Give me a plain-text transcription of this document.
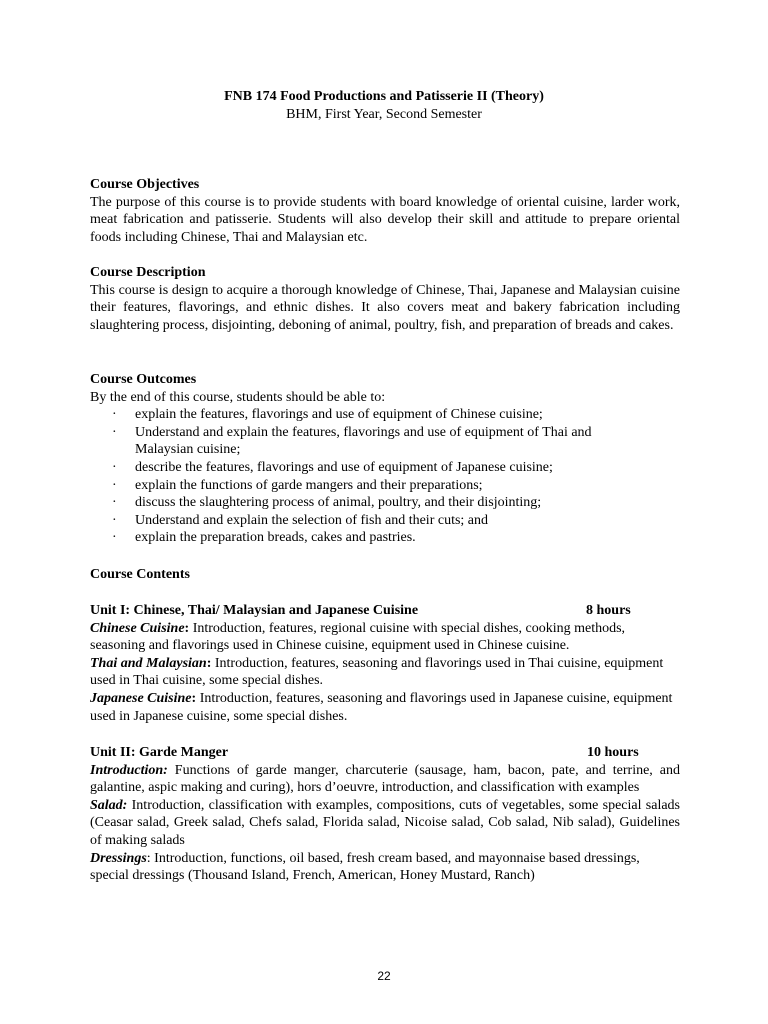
FNB 174 Food Productions and Patisserie II (Theory)
BHM, First Year, Second Semester
Course Objectives
The purpose of this course is to provide students with board knowledge of oriental cuisine, larder work, meat fabrication and patisserie. Students will also develop their skill and attitude to prepare oriental foods including Chinese, Thai and Malaysian etc.
Course Description
This course is design to acquire a thorough knowledge of Chinese, Thai, Japanese and Malaysian cuisine their features, flavorings, and ethnic dishes. It also covers meat and bakery fabrication including slaughtering process, disjointing, deboning of animal, poultry, fish, and preparation of breads and cakes.
Course Outcomes
By the end of this course, students should be able to:
· explain the features, flavorings and use of equipment of Chinese cuisine;
· Understand and explain the features, flavorings and use of equipment of Thai and Malaysian cuisine;
· describe the features, flavorings and use of equipment of Japanese cuisine;
· explain the functions of garde mangers and their preparations;
· discuss the slaughtering process of animal, poultry, and their disjointing;
· Understand and explain the selection of fish and their cuts; and
· explain the preparation breads, cakes and pastries.
Course Contents
Unit I: Chinese, Thai/ Malaysian and Japanese Cuisine	8 hours
Chinese Cuisine: Introduction, features, regional cuisine with special dishes, cooking methods, seasoning and flavorings used in Chinese cuisine, equipment used in Chinese cuisine.
Thai and Malaysian: Introduction, features, seasoning and flavorings used in Thai cuisine, equipment used in Thai cuisine, some special dishes.
Japanese Cuisine: Introduction, features, seasoning and flavorings used in Japanese cuisine, equipment used in Japanese cuisine, some special dishes.
Unit II: Garde Manger	10 hours
Introduction: Functions of garde manger, charcuterie (sausage, ham, bacon, pate, and terrine, and galantine, aspic making and curing), hors d’oeuvre, introduction, and classification with examples
Salad: Introduction, classification with examples, compositions, cuts of vegetables, some special salads (Ceasar salad, Greek salad, Chefs salad, Florida salad, Nicoise salad, Cob salad, Nib salad), Guidelines of making salads
Dressings: Introduction, functions, oil based, fresh cream based, and mayonnaise based dressings, special dressings (Thousand Island, French, American, Honey Mustard, Ranch)
22
